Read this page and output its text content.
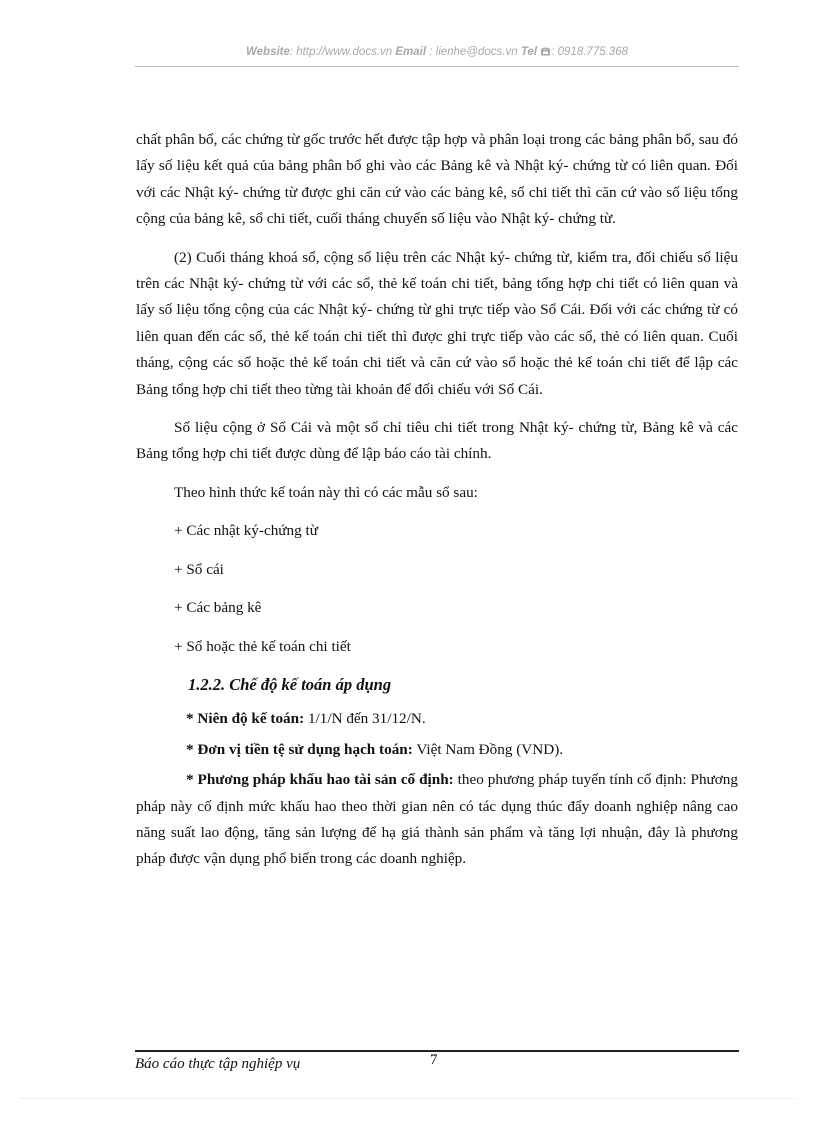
Website: http://www.docs.vn Email : lienhe@docs.vn Tel : 0918.775.368

chất phân bổ, các chứng từ gốc trước hết được tập hợp và phân loại trong các bảng phân bổ, sau đó lấy số liệu kết quả của bảng phân bổ ghi vào các Bảng kê và Nhật ký- chứng từ có liên quan. Đối với các Nhật ký- chứng từ được ghi căn cứ vào các bảng kê, sổ chi tiết thì căn cứ vào số liệu tổng cộng của bảng kê, sổ chi tiết, cuối tháng chuyển số liệu vào Nhật ký- chứng từ.

(2) Cuối tháng khoá sổ, cộng số liệu trên các Nhật ký- chứng từ, kiểm tra, đối chiếu số liệu trên các Nhật ký- chứng từ với các sổ, thẻ kế toán chi tiết, bảng tổng hợp chi tiết có liên quan và lấy số liệu tổng cộng của các Nhật ký- chứng từ ghi trực tiếp vào Sổ Cái. Đối với các chứng từ có liên quan đến các sổ, thẻ kế toán chi tiết thì được ghi trực tiếp vào các sổ, thẻ có liên quan. Cuối tháng, cộng các sổ hoặc thẻ kế toán chi tiết và căn cứ vào sổ hoặc thẻ kế toán chi tiết để lập các Bảng tổng hợp chi tiết theo từng tài khoản để đối chiếu với Sổ Cái.

Số liệu cộng ở Sổ Cái và một số chỉ tiêu chi tiết trong Nhật ký- chứng từ, Bảng kê và các Bảng tổng hợp chi tiết được dùng để lập báo cáo tài chính.

Theo hình thức kế toán này thì có các mẫu sổ sau:

+ Các nhật ký-chứng từ

+ Sổ cái

+ Các bảng kê

+ Sổ hoặc thẻ kế toán chi tiết

1.2.2. Chế độ kế toán áp dụng

* Niên độ kế toán: 1/1/N đến 31/12/N.

* Đơn vị tiền tệ sử dụng hạch toán: Việt Nam Đồng (VND).

* Phương pháp khấu hao tài sản cố định: theo phương pháp tuyến tính cố định: Phương pháp này cố định mức khấu hao theo thời gian nên có tác dụng thúc đẩy doanh nghiệp nâng cao năng suất lao động, tăng sản lượng để hạ giá thành sản phẩm và tăng lợi nhuận, đây là phương pháp được vận dụng phổ biến trong các doanh nghiệp.

Báo cáo thực tập nghiệp vụ	7
